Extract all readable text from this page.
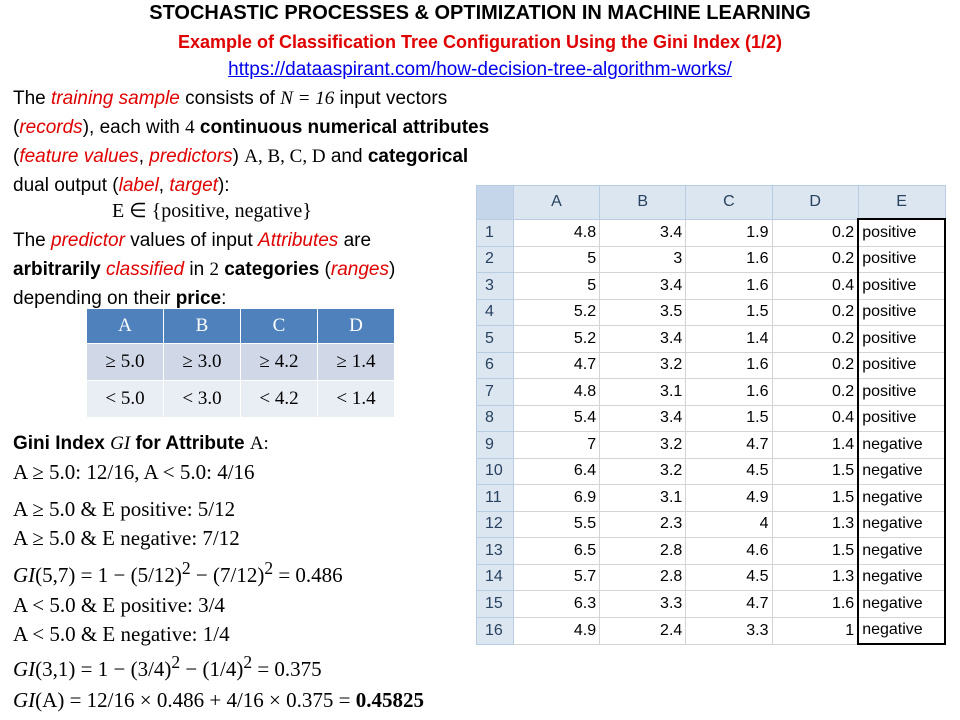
STOCHASTIC PROCESSES & OPTIMIZATION IN MACHINE LEARNING
Example of Classification Tree Configuration Using the Gini Index (1/2)
https://dataaspirant.com/how-decision-tree-algorithm-works/
The training sample consists of N = 16 input vectors
(records), each with 4 continuous numerical attributes
(feature values, predictors) A, B, C, D and categorical
dual output (label, target):
E ∈ {positive, negative}
The predictor values of input Attributes are
arbitrarily classified in 2 categories (ranges)
depending on their price:
A	B	C	D
≥ 5.0	≥ 3.0	≥ 4.2	≥ 1.4
< 5.0	< 3.0	< 4.2	< 1.4
Gini Index GI for Attribute A:
A ≥ 5.0: 12/16, A < 5.0: 4/16
A ≥ 5.0 & E positive: 5/12
A ≥ 5.0 & E negative: 7/12
$GI(5,7) = 1 - (5/12)^2 - (7/12)^2 = 0.486$
A < 5.0 & E positive: 3/4
A < 5.0 & E negative: 1/4
$GI(3,1) = 1 - (3/4)^2 - (1/4)^2 = 0.375$
GI(A) = 12/16 × 0.486 + 4/16 × 0.375 = 0.45825
	A	B	C	D	E
1	4.8	3.4	1.9	0.2	positive
2	5	3	1.6	0.2	positive
3	5	3.4	1.6	0.4	positive
4	5.2	3.5	1.5	0.2	positive
5	5.2	3.4	1.4	0.2	positive
6	4.7	3.2	1.6	0.2	positive
7	4.8	3.1	1.6	0.2	positive
8	5.4	3.4	1.5	0.4	positive
9	7	3.2	4.7	1.4	negative
10	6.4	3.2	4.5	1.5	negative
11	6.9	3.1	4.9	1.5	negative
12	5.5	2.3	4	1.3	negative
13	6.5	2.8	4.6	1.5	negative
14	5.7	2.8	4.5	1.3	negative
15	6.3	3.3	4.7	1.6	negative
16	4.9	2.4	3.3	1	negative
